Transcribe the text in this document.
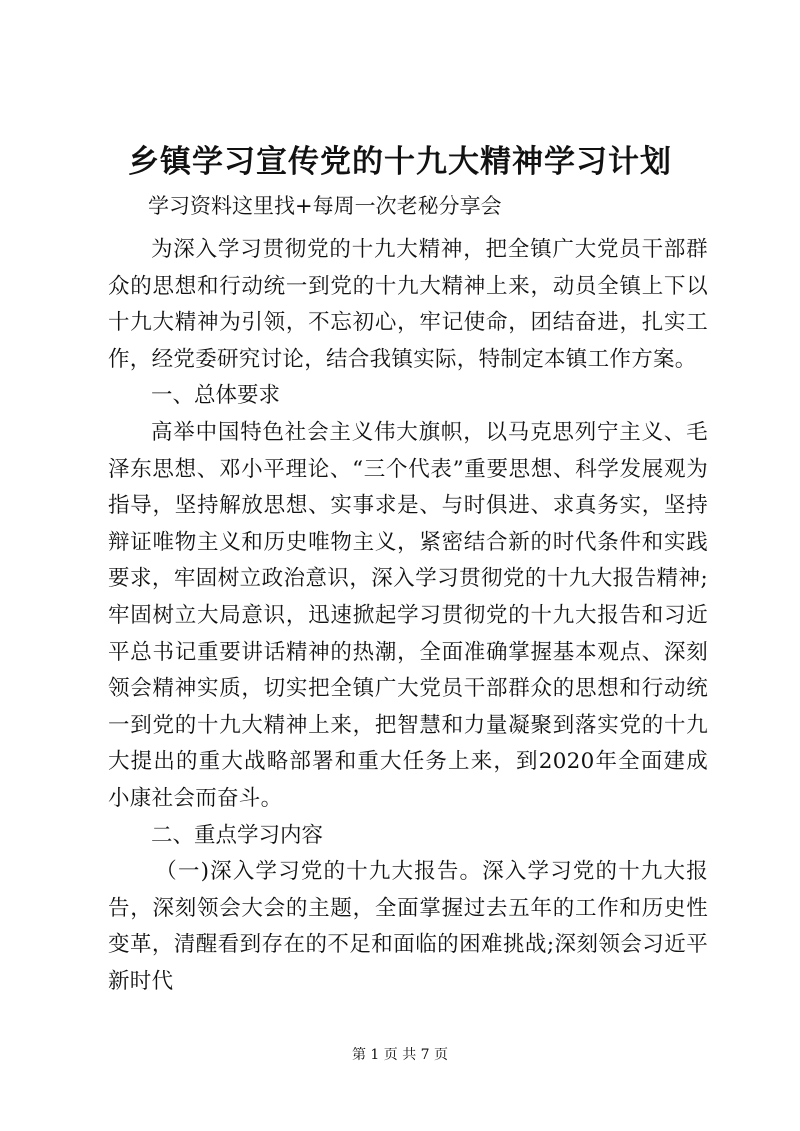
乡镇学习宣传党的十九大精神学习计划

学习资料这里找+每周一次老秘分享会

为深入学习贯彻党的十九大精神，把全镇广大党员干部群众的思想和行动统一到党的十九大精神上来，动员全镇上下以十九大精神为引领，不忘初心，牢记使命，团结奋进，扎实工作，经党委研究讨论，结合我镇实际，特制定本镇工作方案。

一、总体要求

高举中国特色社会主义伟大旗帜，以马克思列宁主义、毛泽东思想、邓小平理论、“三个代表”重要思想、科学发展观为指导，坚持解放思想、实事求是、与时俱进、求真务实，坚持辩证唯物主义和历史唯物主义，紧密结合新的时代条件和实践要求，牢固树立政治意识，深入学习贯彻党的十九大报告精神;牢固树立大局意识，迅速掀起学习贯彻党的十九大报告和习近平总书记重要讲话精神的热潮，全面准确掌握基本观点、深刻领会精神实质，切实把全镇广大党员干部群众的思想和行动统一到党的十九大精神上来，把智慧和力量凝聚到落实党的十九大提出的重大战略部署和重大任务上来，到2020年全面建成小康社会而奋斗。

二、重点学习内容

（一)深入学习党的十九大报告。深入学习党的十九大报告，深刻领会大会的主题，全面掌握过去五年的工作和历史性变革，清醒看到存在的不足和面临的困难挑战;深刻领会习近平新时代

第 1 页 共 7 页
